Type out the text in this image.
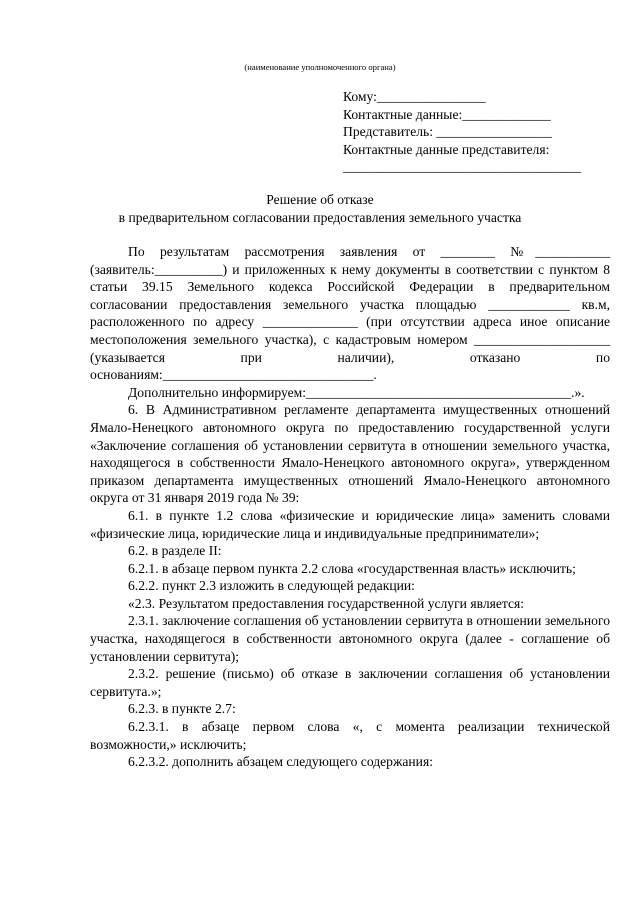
(наименование уполномоченного органа)
Кому:________________
Контактные данные:_____________
Представитель: _________________
Контактные данные представителя:
___________________________________
Решение об отказе
в предварительном согласовании предоставления земельного участка

По результатам рассмотрения заявления от ________ №___________ (заявитель:__________) и приложенных к нему документы в соответствии с пунктом 8 статьи 39.15 Земельного кодекса Российской Федерации в предварительном согласовании предоставления земельного участка площадью ____________ кв.м, расположенного по адресу ______________ (при отсутствии адреса иное описание местоположения земельного участка), с кадастровым номером ____________________ (указывается при наличии), отказано по основаниям:_______________________________.

Дополнительно информируем:_______________________________________.».

6. В Административном регламенте департамента имущественных отношений Ямало-Ненецкого автономного округа по предоставлению государственной услуги «Заключение соглашения об установлении сервитута в отношении земельного участка, находящегося в собственности Ямало-Ненецкого автономного округа», утвержденном приказом департамента имущественных отношений Ямало-Ненецкого автономного округа от 31 января 2019 года № 39:

6.1. в пункте 1.2 слова «физические и юридические лица» заменить словами «физические лица, юридические лица и индивидуальные предприниматели»;

6.2. в разделе II:

6.2.1. в абзаце первом пункта 2.2 слова «государственная власть» исключить;

6.2.2. пункт 2.3 изложить в следующей редакции:

«2.3. Результатом предоставления государственной услуги является:

2.3.1. заключение соглашения об установлении сервитута в отношении земельного участка, находящегося в собственности автономного округа (далее - соглашение об установлении сервитута);

2.3.2. решение (письмо) об отказе в заключении соглашения об установлении сервитута.»;

6.2.3. в пункте 2.7:

6.2.3.1. в абзаце первом слова «, с момента реализации технической возможности,» исключить;

6.2.3.2. дополнить абзацем следующего содержания:
